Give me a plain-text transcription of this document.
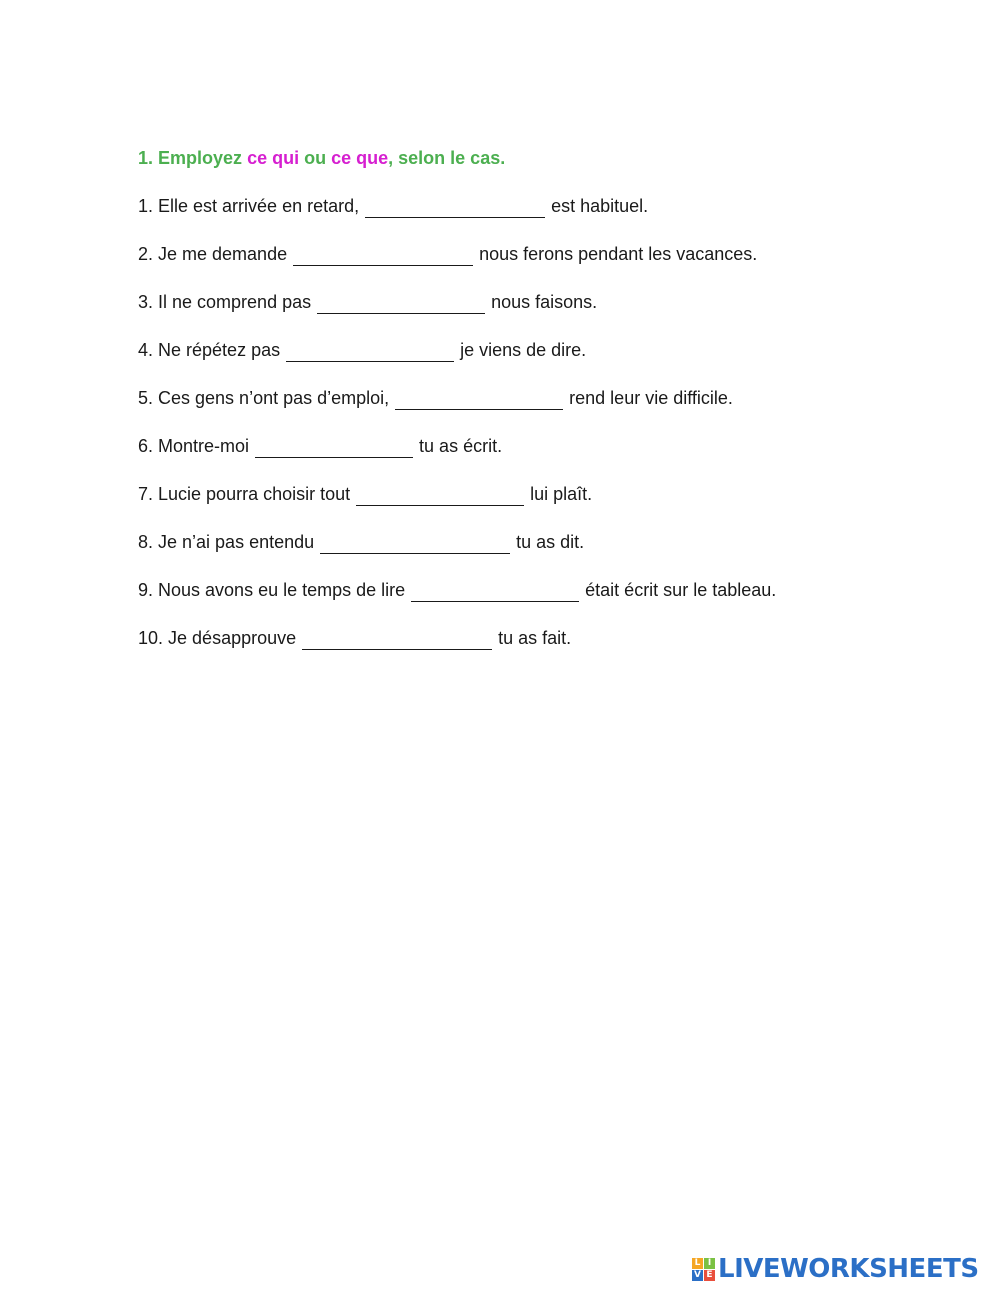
1. Employez ce qui ou ce que, selon le cas.
1. Elle est arrivée en retard,	est habituel.
2. Je me demande	nous ferons pendant les vacances.
3. Il ne comprend pas	nous faisons.
4. Ne répétez pas	je viens de dire.
5. Ces gens n’ont pas d’emploi,	rend leur vie difficile.
6. Montre-moi	tu as écrit.
7. Lucie pourra choisir tout	lui plaît.
8. Je n’ai pas entendu	tu as dit.
9. Nous avons eu le temps de lire	était écrit sur le tableau.
10. Je désapprouve	tu as fait.
L I
V E LIVEWORKSHEETS
